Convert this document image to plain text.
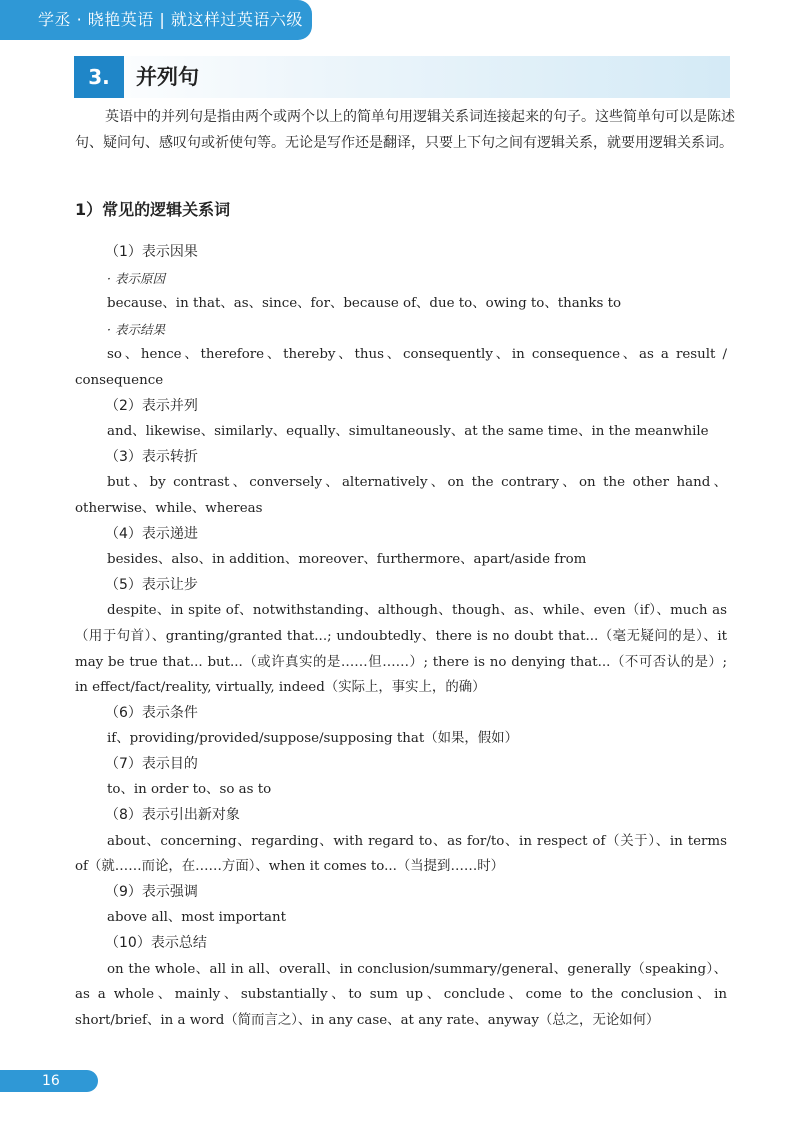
学丞 · 晓艳英语 | 就这样过英语六级
3.	并列句
英语中的并列句是指由两个或两个以上的简单句用逻辑关系词连接起来的句子。这些简单句可以是陈述句、疑问句、感叹句或祈使句等。无论是写作还是翻译，只要上下句之间有逻辑关系，就要用逻辑关系词。
1）常见的逻辑关系词
（1）表示因果
· 表示原因
because、in that、as、since、for、because of、due to、owing to、thanks to
· 表示结果
so、hence、therefore、thereby、thus、consequently、in consequence、as a result / consequence
（2）表示并列
and、likewise、similarly、equally、simultaneously、at the same time、in the meanwhile
（3）表示转折
but、by contrast、conversely、alternatively、on the contrary、on the other hand、otherwise、while、whereas
（4）表示递进
besides、also、in addition、moreover、furthermore、apart/aside from
（5）表示让步
despite、in spite of、notwithstanding、although、though、as、while、even（if）、much as（用于句首）、granting/granted that...; undoubtedly、there is no doubt that...（毫无疑问的是）、it may be true that... but...（或许真实的是……但……）; there is no denying that...（不可否认的是）; in effect/fact/reality, virtually, indeed（实际上，事实上，的确）
（6）表示条件
if、providing/provided/suppose/supposing that（如果，假如）
（7）表示目的
to、in order to、so as to
（8）表示引出新对象
about、concerning、regarding、with regard to、as for/to、in respect of（关于）、in terms of（就……而论，在……方面）、when it comes to...（当提到……时）
（9）表示强调
above all、most important
（10）表示总结
on the whole、all in all、overall、in conclusion/summary/general、generally（speaking）、as a whole、mainly、substantially、to sum up、conclude、come to the conclusion、in short/brief、in a word（简而言之）、in any case、at any rate、anyway（总之，无论如何）
16
